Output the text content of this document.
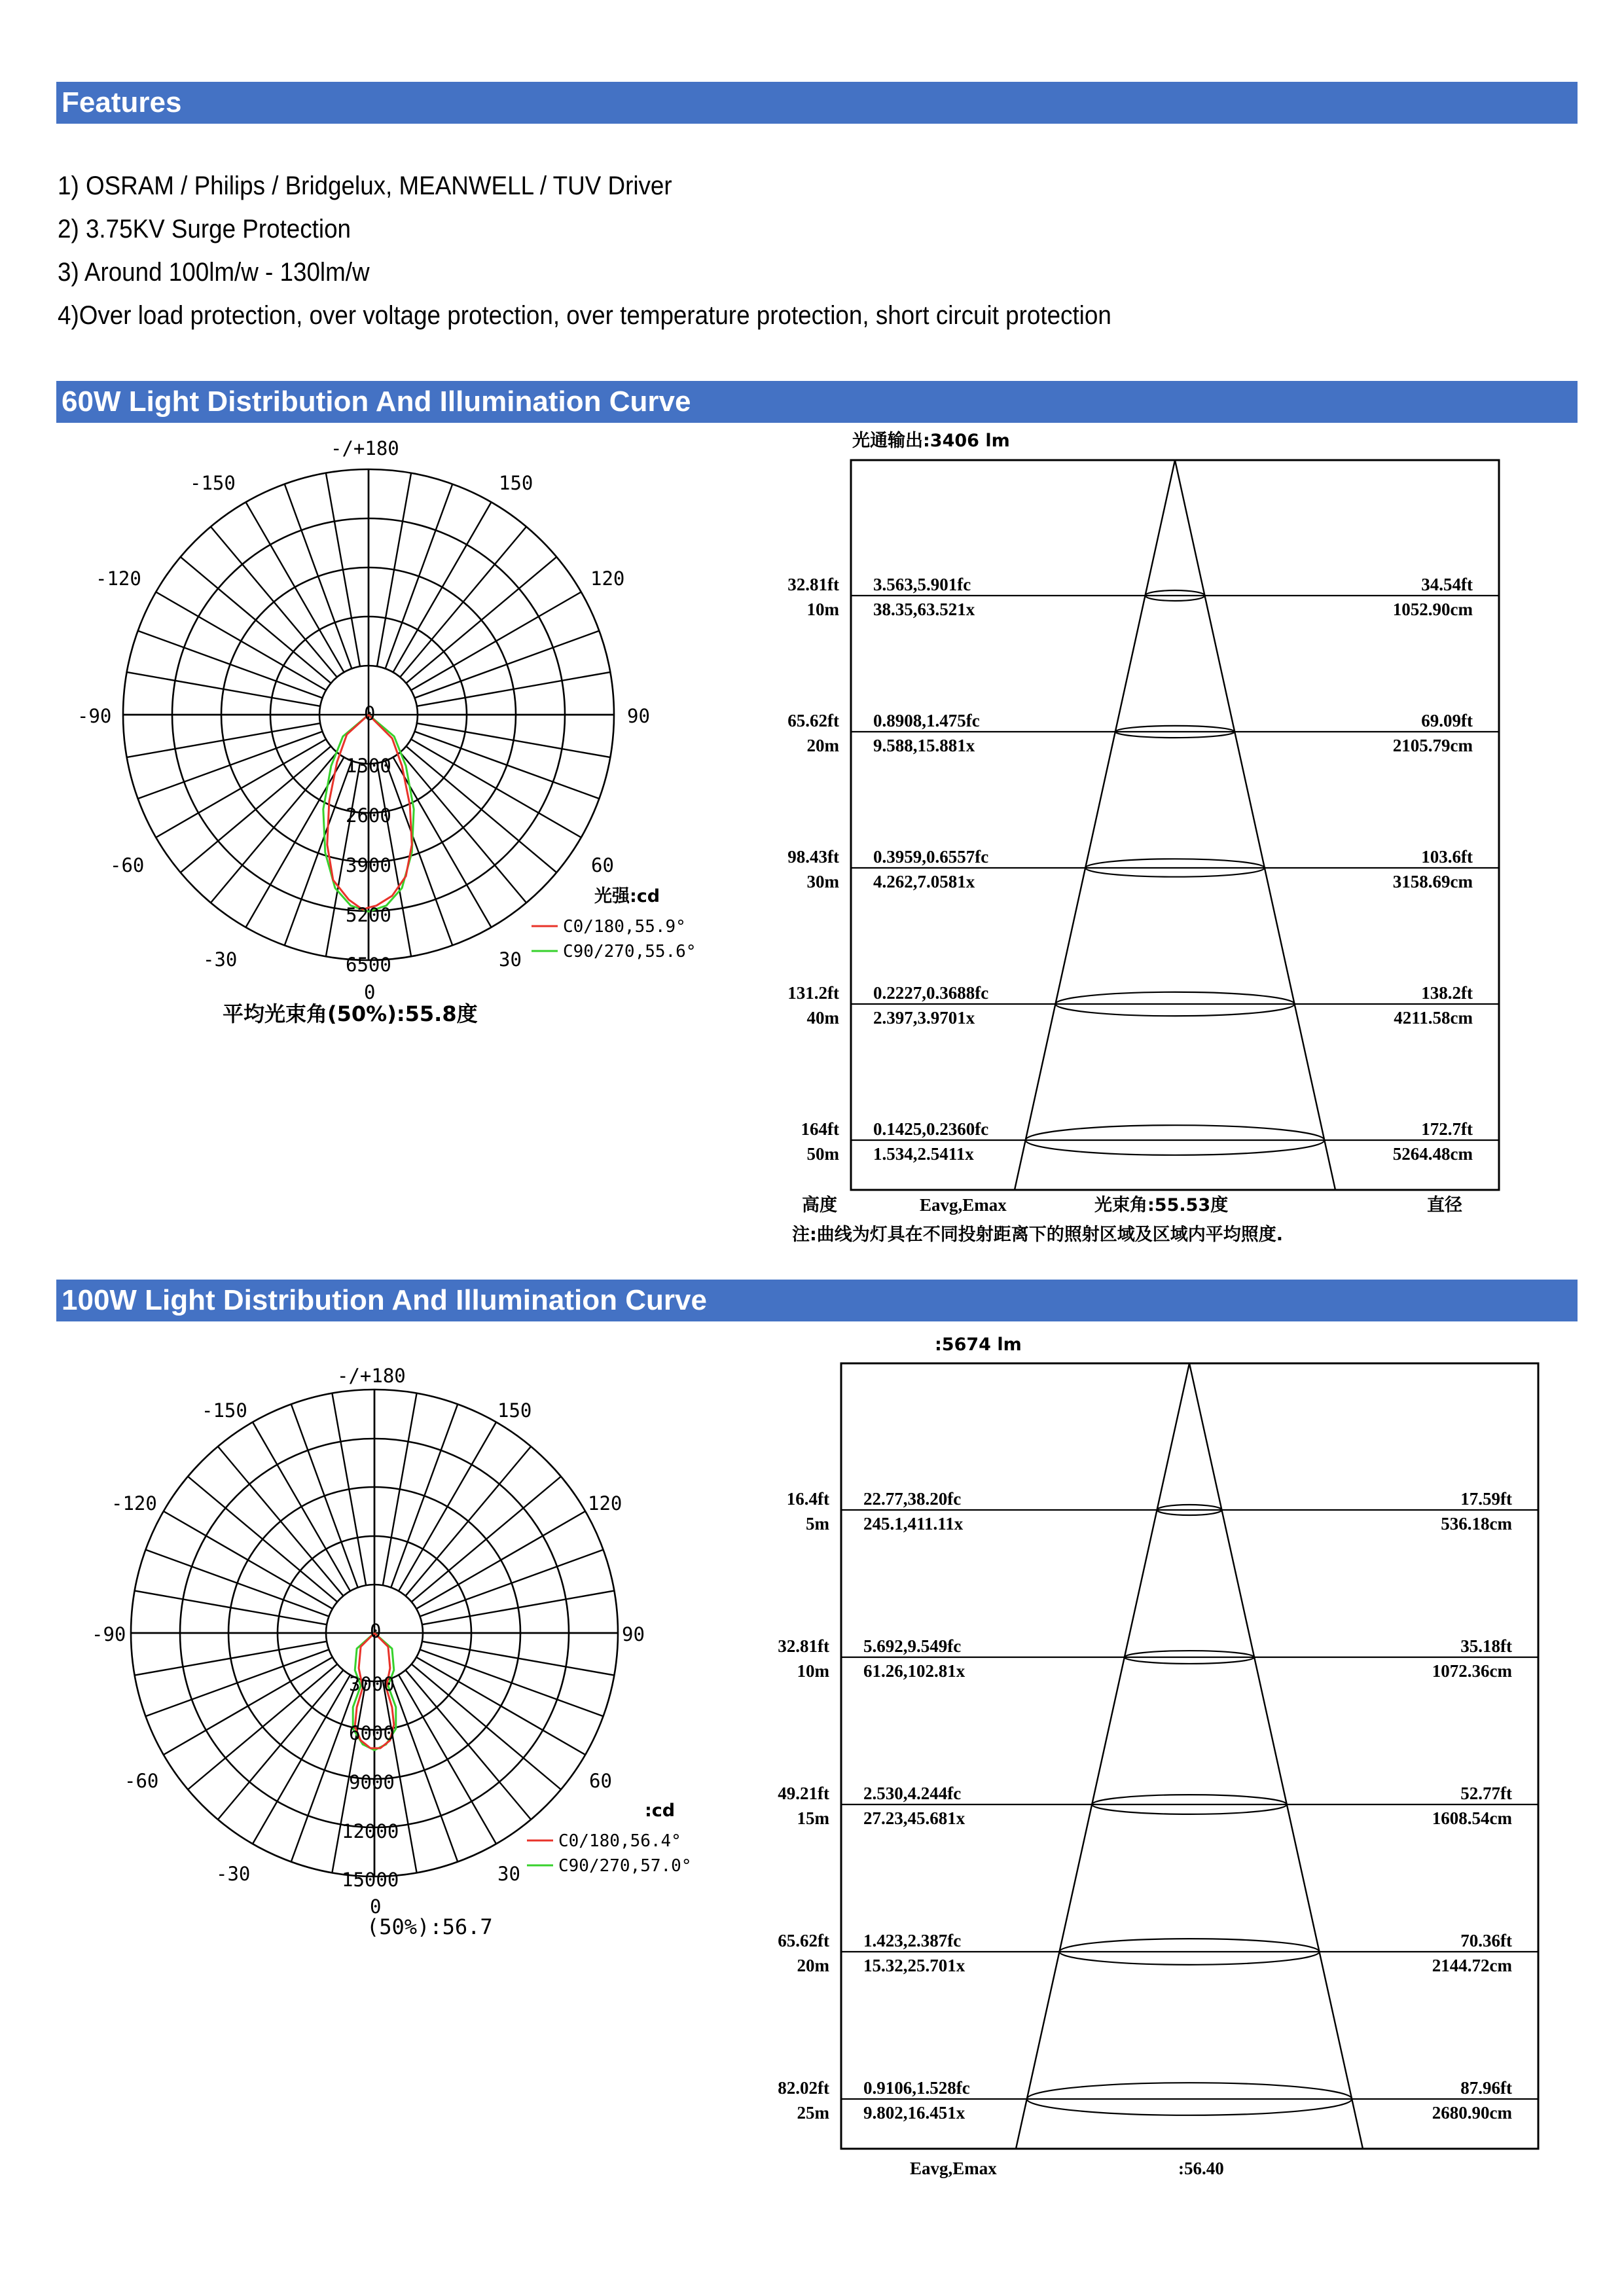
Features
1) OSRAM / Philips / Bridgelux, MEANWELL / TUV Driver
2) 3.75KV Surge Protection
3) Around 100lm/w - 130lm/w
4)Over load protection, over voltage protection, over temperature protection, short circuit protection
60W Light Distribution And Illumination Curve
-/+180
-150	150
-120	120
-90	90
-60	60
-30	30
0
0
1300
2600
3900
5200
6500
光强:cd
C0/180,55.9°
C90/270,55.6°
平均光束角(50%):55.8度
光通输出:3406 lm
32.81ft
10m
3.563,5.901fc
38.35,63.521x
34.54ft
1052.90cm
65.62ft
20m
0.8908,1.475fc
9.588,15.881x
69.09ft
2105.79cm
98.43ft
30m
0.3959,0.6557fc
4.262,7.0581x
103.6ft
3158.69cm
131.2ft
40m
0.2227,0.3688fc
2.397,3.9701x
138.2ft
4211.58cm
164ft
50m
0.1425,0.2360fc
1.534,2.5411x
172.7ft
5264.48cm
高度	Eavg,Emax	光束角:55.53度	直径
注:曲线为灯具在不同投射距离下的照射区域及区域内平均照度.
100W Light Distribution And Illumination Curve
-/+180
-150	150
-120	120
-90	90
-60	60
-30	30
0
0
3000
6000
9000
12000
15000
:cd
C0/180,56.4°
C90/270,57.0°
(50%):56.7
:5674 lm
16.4ft
5m
22.77,38.20fc
245.1,411.11x
17.59ft
536.18cm
32.81ft
10m
5.692,9.549fc
61.26,102.81x
35.18ft
1072.36cm
49.21ft
15m
2.530,4.244fc
27.23,45.681x
52.77ft
1608.54cm
65.62ft
20m
1.423,2.387fc
15.32,25.701x
70.36ft
2144.72cm
82.02ft
25m
0.9106,1.528fc
9.802,16.451x
87.96ft
2680.90cm
Eavg,Emax	:56.40
